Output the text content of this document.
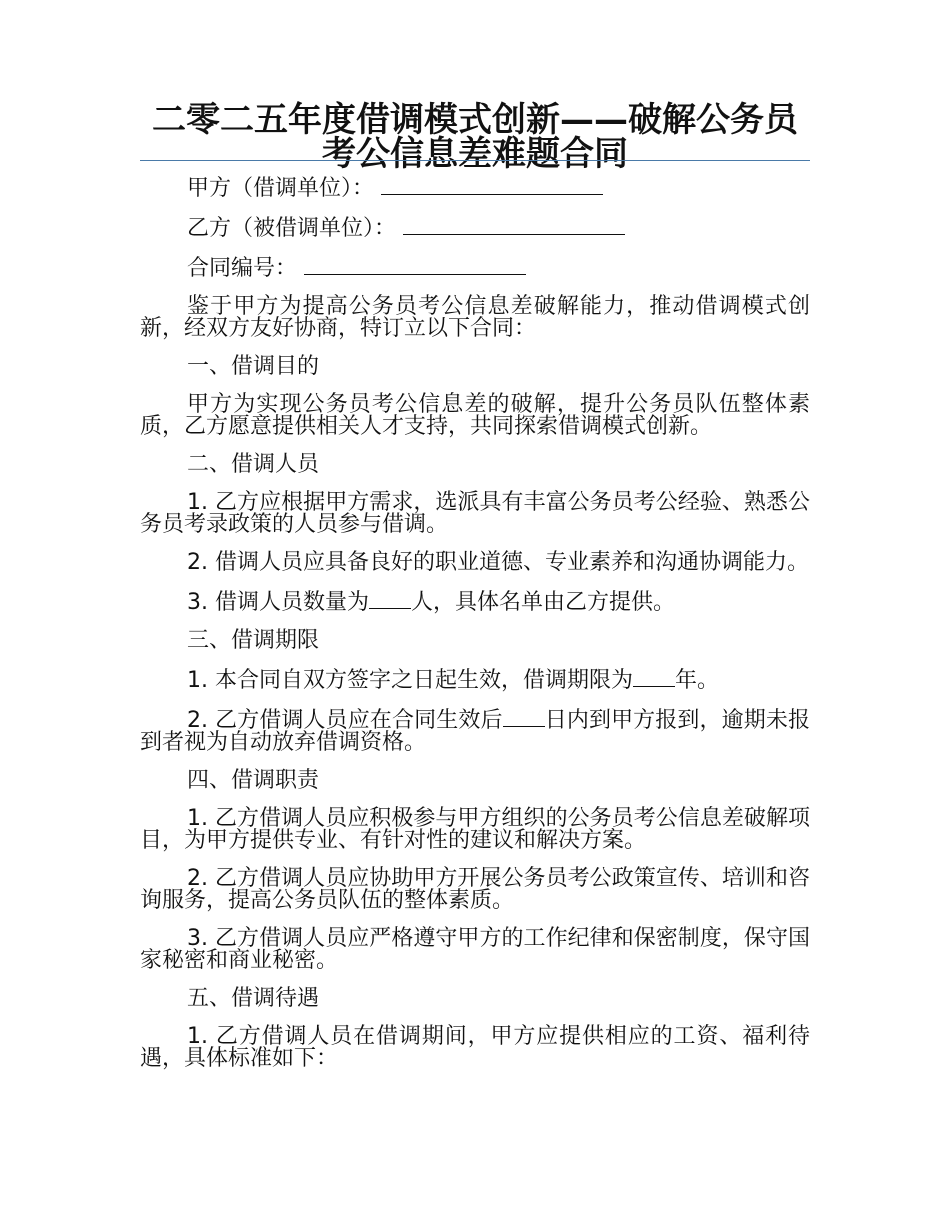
二零二五年度借调模式创新——破解公务员考公信息差难题合同

甲方（借调单位）：

乙方（被借调单位）：

合同编号：

鉴于甲方为提高公务员考公信息差破解能力，推动借调模式创新，经双方友好协商，特订立以下合同：

一、借调目的

甲方为实现公务员考公信息差的破解，提升公务员队伍整体素质，乙方愿意提供相关人才支持，共同探索借调模式创新。

二、借调人员

1. 乙方应根据甲方需求，选派具有丰富公务员考公经验、熟悉公务员考录政策的人员参与借调。

2. 借调人员应具备良好的职业道德、专业素养和沟通协调能力。

3. 借调人员数量为 人，具体名单由乙方提供。

三、借调期限

1. 本合同自双方签字之日起生效，借调期限为 年。

2. 乙方借调人员应在合同生效后 日内到甲方报到，逾期未报到者视为自动放弃借调资格。

四、借调职责

1. 乙方借调人员应积极参与甲方组织的公务员考公信息差破解项目，为甲方提供专业、有针对性的建议和解决方案。

2. 乙方借调人员应协助甲方开展公务员考公政策宣传、培训和咨询服务，提高公务员队伍的整体素质。

3. 乙方借调人员应严格遵守甲方的工作纪律和保密制度，保守国家秘密和商业秘密。

五、借调待遇

1. 乙方借调人员在借调期间，甲方应提供相应的工资、福利待遇，具体标准如下：
